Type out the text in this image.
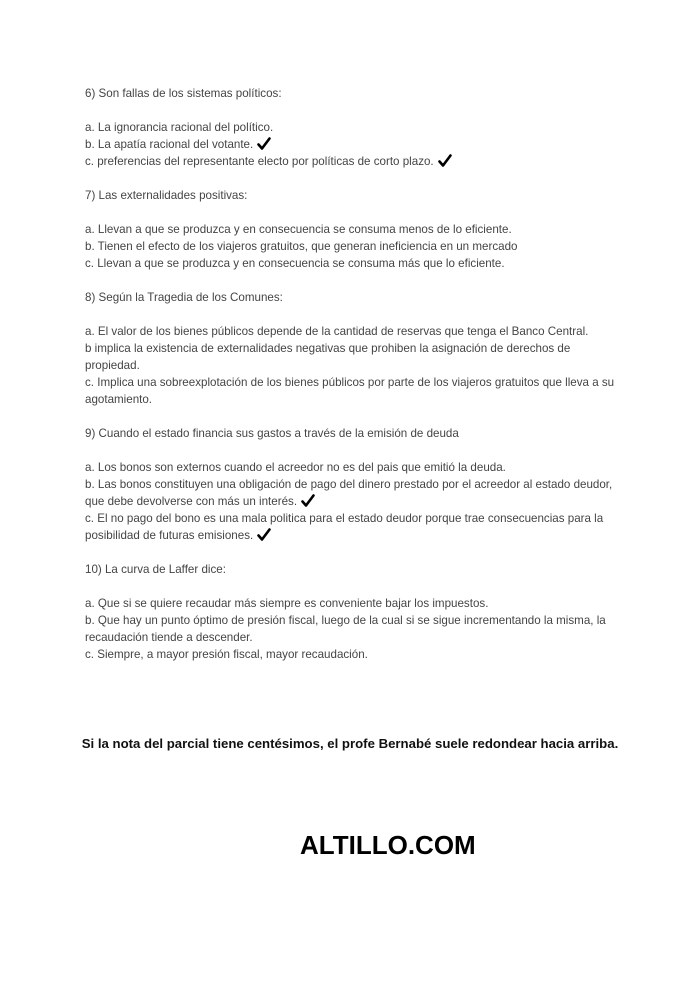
6) Son fallas de los sistemas políticos:
a. La ignorancia racional del político.
b. La apatía racional del votante.
c. preferencias del representante electo por políticas de corto plazo.
7) Las externalidades positivas:
a. Llevan a que se produzca y en consecuencia se consuma menos de lo eficiente.
b. Tienen el efecto de los viajeros gratuitos, que generan ineficiencia en un mercado
c. Llevan a que se produzca y en consecuencia se consuma más que lo eficiente.
8) Según la Tragedia de los Comunes:
a. El valor de los bienes públicos depende de la cantidad de reservas que tenga el Banco Central.
b implica la existencia de externalidades negativas que prohiben la asignación de derechos de propiedad.
c. Implica una sobreexplotación de los bienes públicos por parte de los viajeros gratuitos que lleva a su agotamiento.
9) Cuando el estado financia sus gastos a través de la emisión de deuda
a. Los bonos son externos cuando el acreedor no es del pais que emitió la deuda.
b. Las bonos constituyen una obligación de pago del dinero prestado por el acreedor al estado deudor, que debe devolverse con más un interés.
c. El no pago del bono es una mala politica para el estado deudor porque trae consecuencias para la posibilidad de futuras emisiones.
10) La curva de Laffer dice:
a. Que si se quiere recaudar más siempre es conveniente bajar los impuestos.
b. Que hay un punto óptimo de presión fiscal, luego de la cual si se sigue incrementando la misma, la recaudación tiende a descender.
c. Siempre, a mayor presión fiscal, mayor recaudación.
Si la nota del parcial tiene centésimos, el profe Bernabé suele redondear hacia arriba.
ALTILLO.COM
